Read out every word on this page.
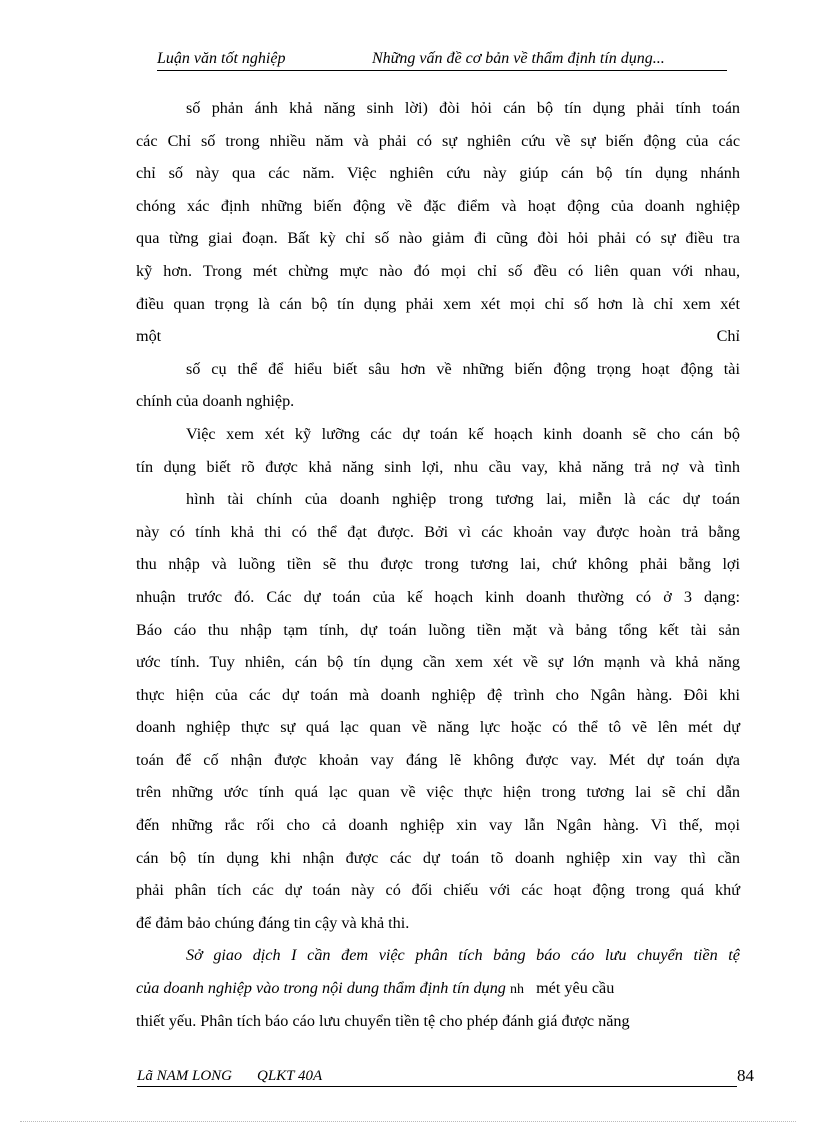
Luận văn tốt nghiệp	Những vấn đề cơ bản về thẩm định tín dụng...
số phản ánh khả năng sinh lời) đòi hỏi cán bộ tín dụng phải tính toán
các Chỉ số trong nhiều năm và phải có sự nghiên cứu về sự biến động của các
chỉ số này qua các năm. Việc nghiên cứu này giúp cán bộ tín dụng nhánh
chóng xác định những biến động về đặc điểm và hoạt động của doanh nghiệp
qua từng giai đoạn. Bất kỳ chỉ số nào giảm đi cũng đòi hỏi phải có sự điều tra
kỹ hơn. Trong mét chừng mực nào đó mọi chỉ số đều có liên quan với nhau,
điều quan trọng là cán bộ tín dụng phải xem xét mọi chỉ số hơn là chỉ xem xét
một	Chỉ
số cụ thể để hiểu biết sâu hơn về những biến động trọng hoạt động tài
chính của doanh nghiệp.
Việc xem xét kỹ lưỡng các dự toán kế hoạch kinh doanh sẽ cho cán bộ
tín dụng biết rõ được khả năng sinh lợi, nhu cầu vay, khả năng trả nợ và tình
hình tài chính của doanh nghiệp trong tương lai, miễn là các dự toán
này có tính khả thi có thể đạt được. Bởi vì các khoản vay được hoàn trả bằng
thu nhập và luồng tiền sẽ thu được trong tương lai, chứ không phải bằng lợi
nhuận trước đó. Các dự toán của kế hoạch kinh doanh thường có ở 3 dạng:
Báo cáo thu nhập tạm tính, dự toán luồng tiền mặt và bảng tổng kết tài sản
ước tính. Tuy nhiên, cán bộ tín dụng cần xem xét về sự lớn mạnh và khả năng
thực hiện của các dự toán mà doanh nghiệp đệ trình cho Ngân hàng. Đôi khi
doanh nghiệp thực sự quá lạc quan về năng lực hoặc có thể tô vẽ lên mét dự
toán để cố nhận được khoản vay đáng lẽ không được vay. Mét dự toán dựa
trên những ước tính quá lạc quan về việc thực hiện trong tương lai sẽ chỉ dẫn
đến những rắc rối cho cả doanh nghiệp xin vay lẫn Ngân hàng. Vì thế, mọi
cán bộ tín dụng khi nhận được các dự toán tõ doanh nghiệp xin vay thì cần
phải phân tích các dự toán này có đối chiếu với các hoạt động trong quá khứ
để đảm bảo chúng đáng tin cậy và khả thi.
Sở giao dịch I cần đem việc phân tích bảng báo cáo lưu chuyển tiền tệ
của doanh nghiệp vào trong nội dung thẩm định tín dụng nh mét yêu cầu
thiết yếu. Phân tích báo cáo lưu chuyển tiền tệ cho phép đánh giá được năng
Lã NAM LONG QLKT 40A	84
